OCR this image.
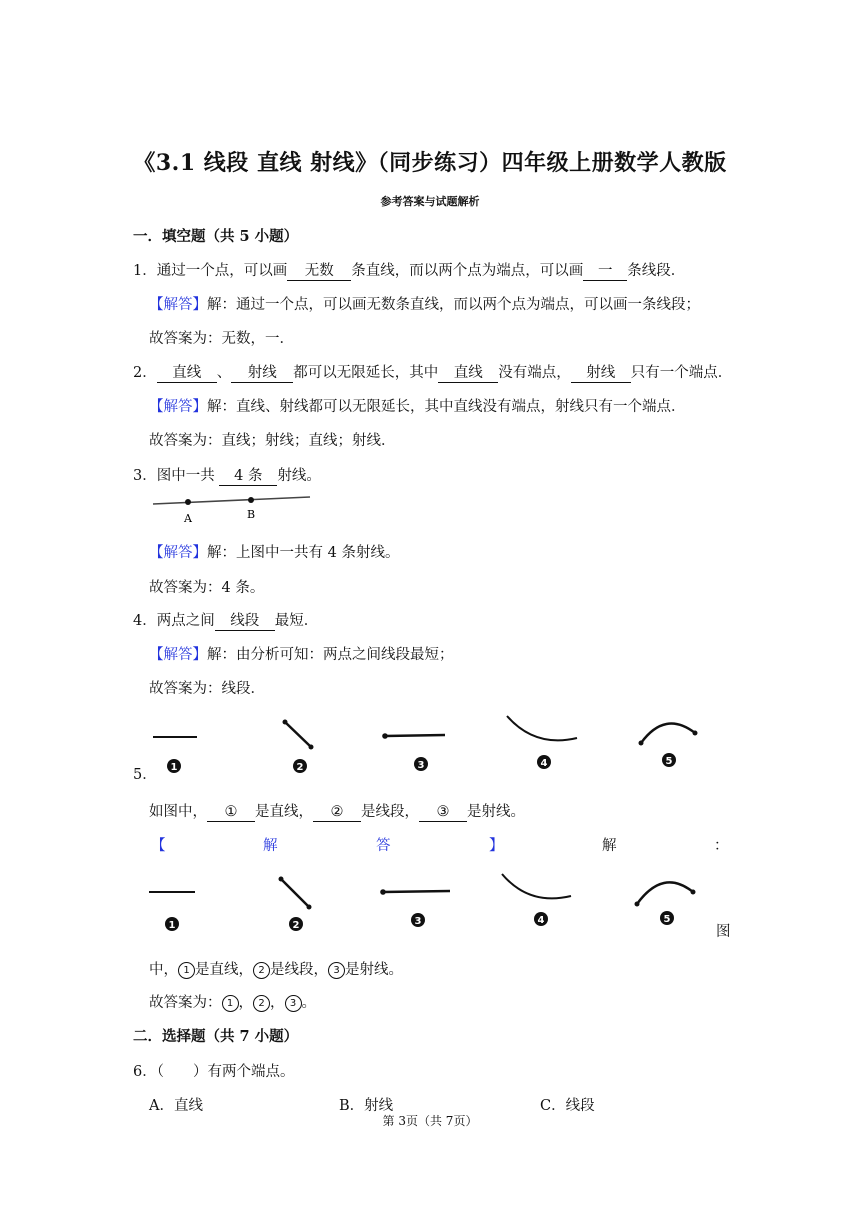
《3.1 线段 直线 射线》（同步练习）四年级上册数学人教版
参考答案与试题解析
一．填空题（共 5 小题）
1．通过一个点，可以画 无数 条直线，而以两个点为端点，可以画 一 条线段．
【解答】解：通过一个点，可以画无数条直线，而以两个点为端点，可以画一条线段；
故答案为：无数，一．
2． 直线 、 射线 都可以无限延长，其中 直线 没有端点， 射线 只有一个端点．
【解答】解：直线、射线都可以无限延长，其中直线没有端点，射线只有一个端点．
故答案为：直线；射线；直线；射线．
3．图中一共 4 条 射线。
A	B
【解答】解：上图中一共有 4 条射线。
故答案为：4 条。
4．两点之间 线段 最短．
【解答】解：由分析可知：两点之间线段最短；
故答案为：线段．
5． 1	2	3	4	5
如图中， ① 是直线， ② 是线段， ③ 是射线。
【	解	答	】	解	：
1	2	3	4	5
图
中， 1 是直线， 2 是线段， 3 是射线。
故答案为： 1 ， 2 ， 3 。
二．选择题（共 7 小题）
6．（　　）有两个端点。
A．直线	B．射线	C．线段
第 3页（共 7页）
